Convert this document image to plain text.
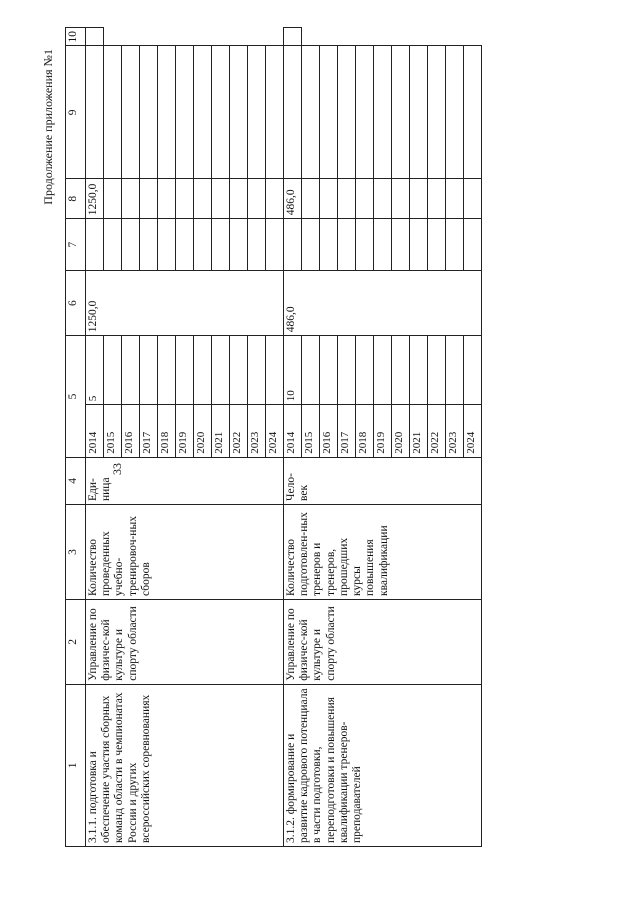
33
Продолжение приложения №1
1	2	3	4	5		6	7	8	9	10
3.1.1. подготовка и обеспечение участия сборных команд области в чемпионатах России и других всероссийских соревнованиях	Управление по физичес-кой культуре и спорту области	Количество проведенных учебно-тренировоч-ных сборов	Еди-ница	2014	5	1250,0		1250,0		
				2015						
				2016						
				2017						
				2018						
				2019						
				2020						
				2021						
				2022						
				2023						
				2024						
3.1.2. формирование и развитие кадрового потенциала в части подготовки, переподготовки и повышения квалификации тренеров-преподавателей	Управление по физичес-кой культуре и спорту области	Количество подготовлен-ных тренеров и тренеров, прошедших курсы повышения квалификации	Чело-век	2014	10	486,0		486,0		
				2015						
				2016						
				2017						
				2018						
				2019						
				2020						
				2021						
				2022						
				2023						
				2024						
